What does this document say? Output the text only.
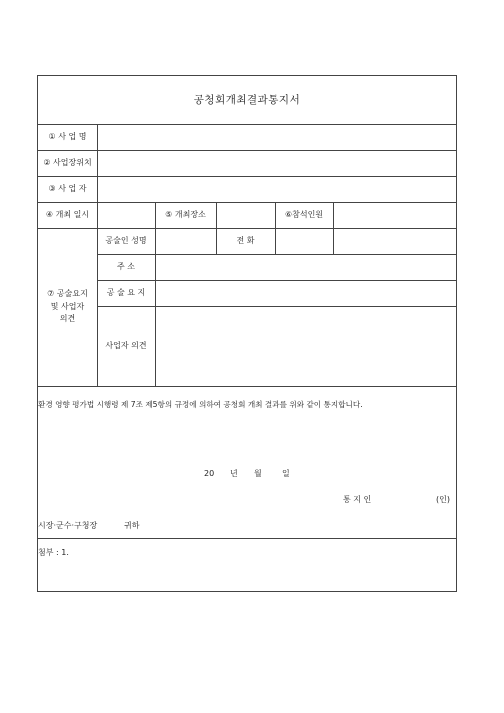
공청회개최결과통지서
① 사 업 명
② 사업장위치
③ 사 업 자
④ 개최 일시	⑤ 개최장소	⑥참석인원
⑦ 공술요지
및 사업자
의견
공술인 성명	전 화
주 소
공 술 요 지
사업자 의견
환경 영향 평가법 시행령 제 7조 제5항의 규정에 의하여 공청회 개최 결과를 위와 같이 통지합니다.
20	년	월	일
통 지 인	(인)
시장·군수·구청장	귀하
첨부 : 1.
